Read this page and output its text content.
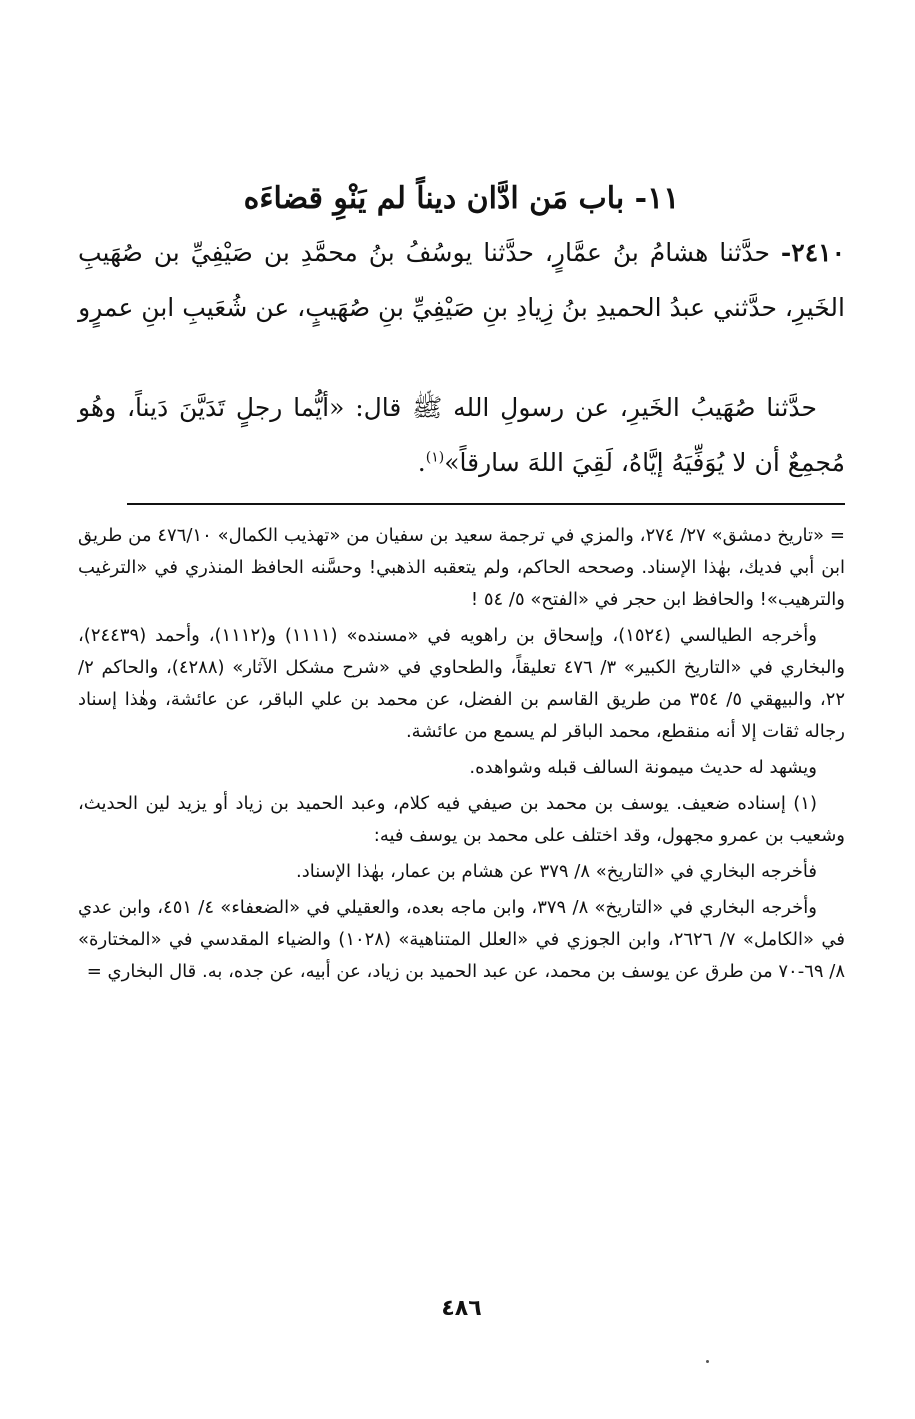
١١- باب مَن ادَّان ديناً لم يَنْوِ قضاءَه

٢٤١٠- حدَّثنا هشامُ بنُ عمَّارٍ، حدَّثنا يوسُفُ بنُ محمَّدِ بن صَيْفِيِّ بن صُهَيبِ الخَيرِ، حدَّثني عبدُ الحميدِ بنُ زِيادِ بنِ صَيْفِيِّ بنِ صُهَيبٍ، عن شُعَيبِ ابنِ عمرٍو

حدَّثنا صُهَيبُ الخَيرِ، عن رسولِ الله ﷺ قال: «أيُّما رجلٍ تَدَيَّنَ دَيناً، وهُو مُجمِعٌ أن لا يُوَفِّيَهُ إيَّاهُ، لَقِيَ اللهَ سارقاً»$^{(١)}$.

= «تاريخ دمشق» ٢٧/ ٢٧٤، والمزي في ترجمة سعيد بن سفيان من «تهذيب الكمال» ٤٧٦/١٠ من طريق ابن أبي فديك، بهٰذا الإسناد. وصححه الحاكم، ولم يتعقبه الذهبي! وحسَّنه الحافظ المنذري في «الترغيب والترهيب»! والحافظ ابن حجر في «الفتح» ٥/ ٥٤ !

وأخرجه الطيالسي (١٥٢٤)، وإسحاق بن راهويه في «مسنده» (١١١١) و(١١١٢)، وأحمد (٢٤٤٣٩)، والبخاري في «التاريخ الكبير» ٣/ ٤٧٦ تعليقاً، والطحاوي في «شرح مشكل الآثار» (٤٢٨٨)، والحاكم ٢/ ٢٢، والبيهقي ٥/ ٣٥٤ من طريق القاسم بن الفضل، عن محمد بن علي الباقر، عن عائشة، وهٰذا إسناد رجاله ثقات إلا أنه منقطع، محمد الباقر لم يسمع من عائشة.

ويشهد له حديث ميمونة السالف قبله وشواهده.

(١) إسناده ضعيف. يوسف بن محمد بن صيفي فيه كلام، وعبد الحميد بن زياد أو يزيد لين الحديث، وشعيب بن عمرو مجهول، وقد اختلف على محمد بن يوسف فيه:

فأخرجه البخاري في «التاريخ» ٨/ ٣٧٩ عن هشام بن عمار، بهٰذا الإسناد.

وأخرجه البخاري في «التاريخ» ٨/ ٣٧٩، وابن ماجه بعده، والعقيلي في «الضعفاء» ٤/ ٤٥١، وابن عدي في «الكامل» ٧/ ٢٦٢٦، وابن الجوزي في «العلل المتناهية» (١٠٢٨) والضياء المقدسي في «المختارة» ٨/ ٦٩-٧٠ من طرق عن يوسف بن محمد، عن عبد الحميد بن زياد، عن أبيه، عن جده، به. قال البخاري =

٤٨٦
